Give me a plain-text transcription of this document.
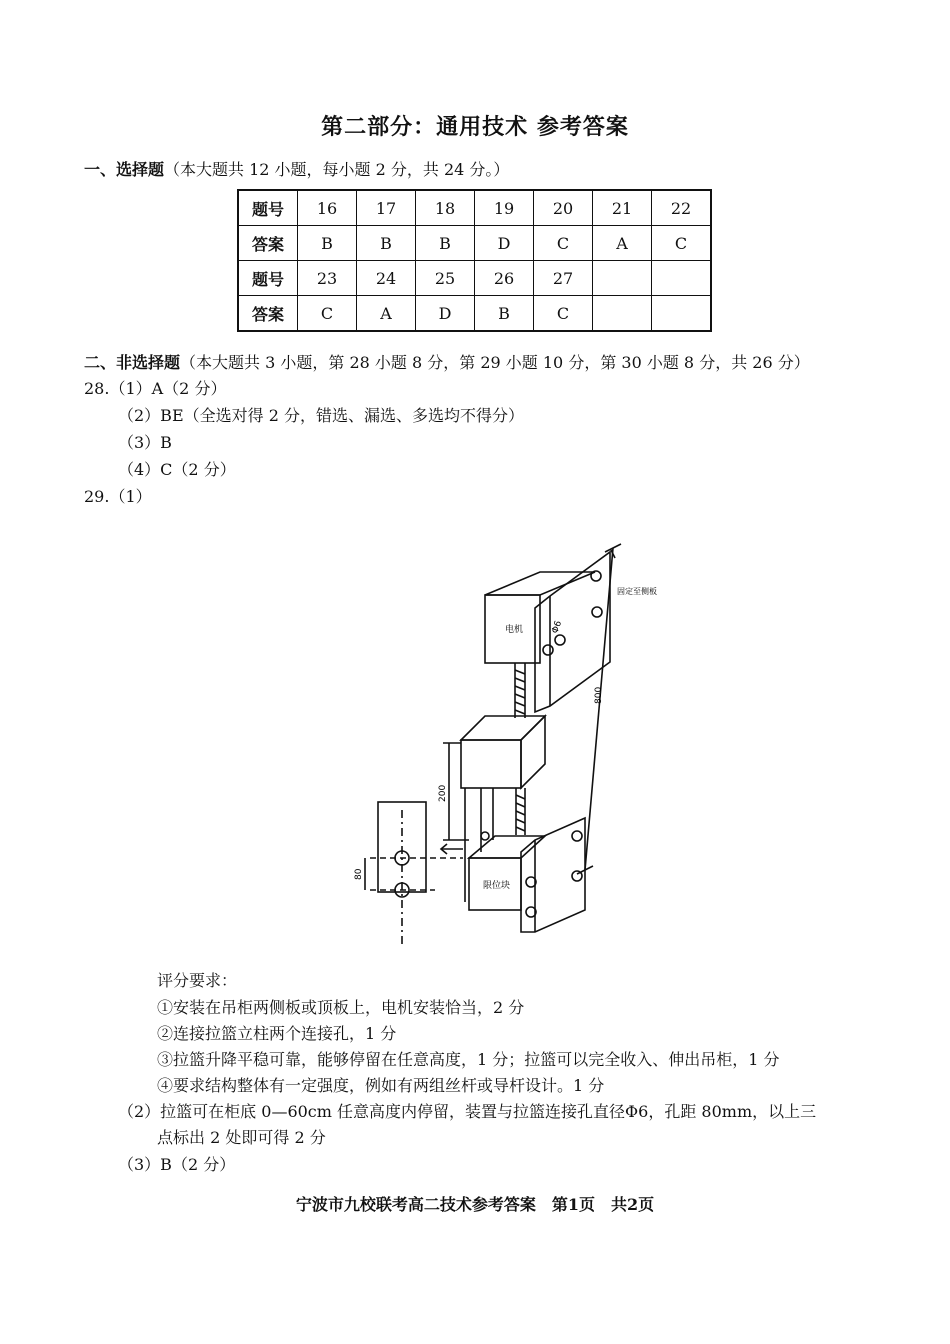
第二部分：通用技术 参考答案
一、选择题（本大题共 12 小题，每小题 2 分，共 24 分。）
题号	16	17	18	19	20	21	22
答案	B	B	B	D	C	A	C
题号	23	24	25	26	27		
答案	C	A	D	B	C		
二、非选择题（本大题共 3 小题，第 28 小题 8 分，第 29 小题 10 分，第 30 小题 8 分，共 26 分）
28.（1）A（2 分）
（2）BE（全选对得 2 分，错选、漏选、多选均不得分）
（3）B
（4）C（2 分）
29.（1）
电机
固定至侧板
限位块
800
200
80
Φ6
评分要求：
①安装在吊柜两侧板或顶板上，电机安装恰当，2 分
②连接拉篮立柱两个连接孔，1 分
③拉篮升降平稳可靠，能够停留在任意高度，1 分；拉篮可以完全收入、伸出吊柜，1 分
④要求结构整体有一定强度，例如有两组丝杆或导杆设计。1 分
（2）拉篮可在柜底 0—60cm 任意高度内停留，装置与拉篮连接孔直径Φ6，孔距 80mm，以上三
点标出 2 处即可得 2 分
（3）B（2 分）
宁波市九校联考高二技术参考答案　第1页　共2页
